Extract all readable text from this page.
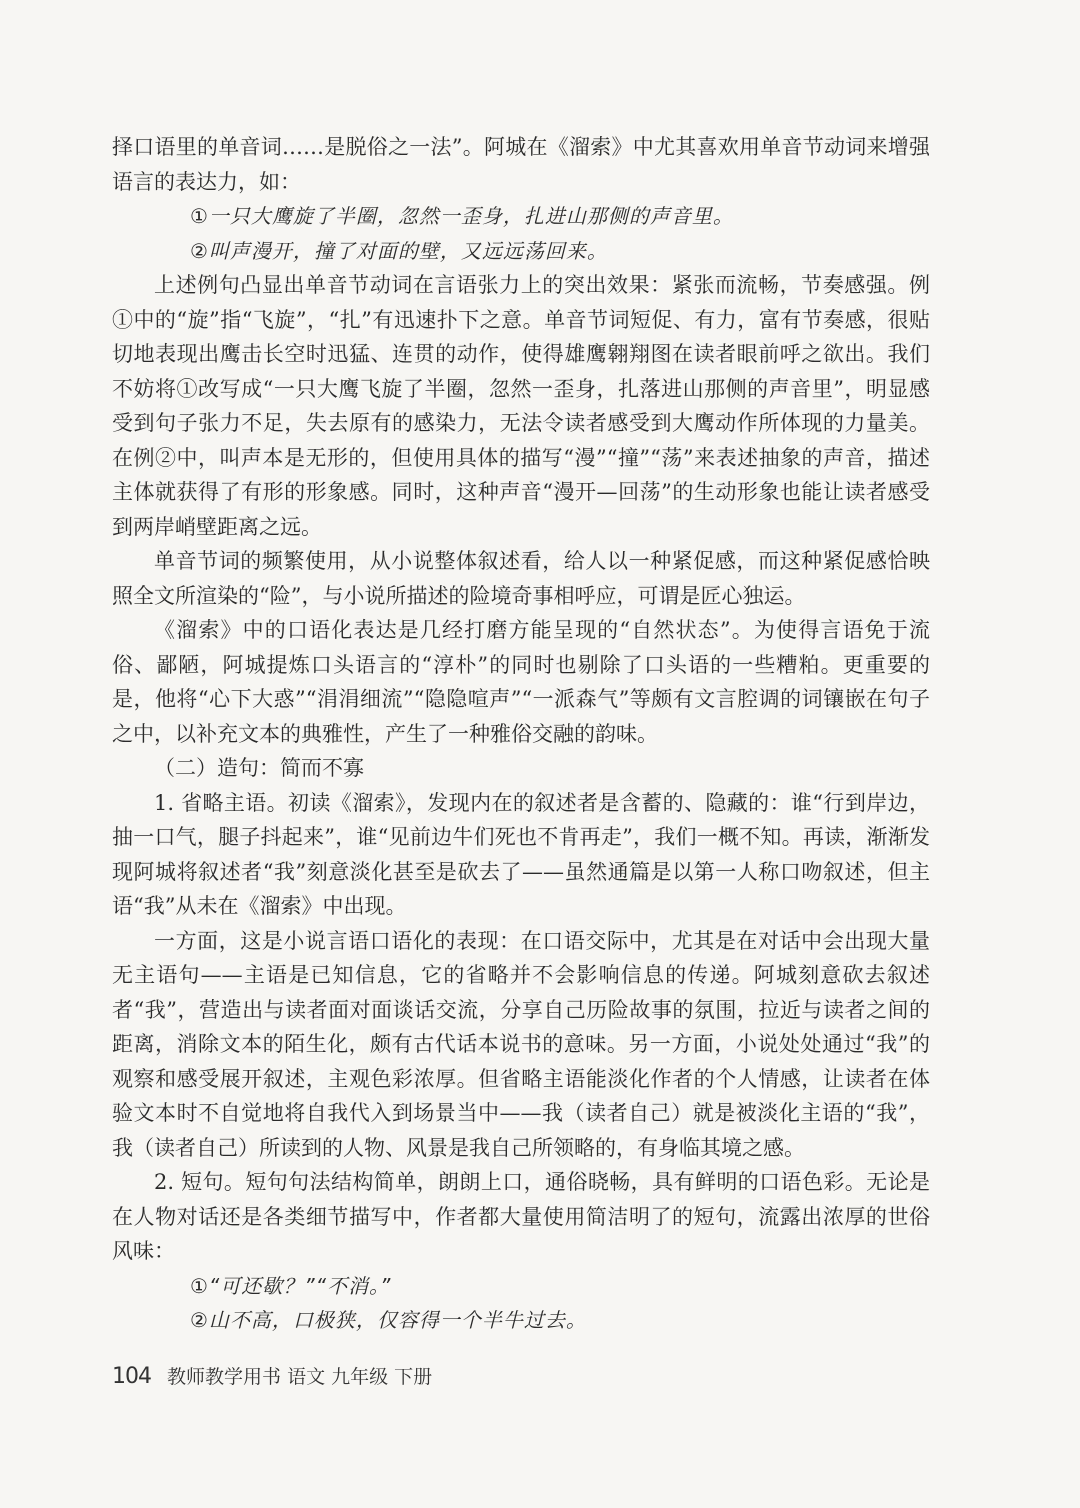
择口语里的单音词……是脱俗之一法”。阿城在《溜索》中尤其喜欢用单音节动词来增强语言的表达力，如：

①一只大鹰旋了半圈，忽然一歪身，扎进山那侧的声音里。

②叫声漫开，撞了对面的壁，又远远荡回来。

上述例句凸显出单音节动词在言语张力上的突出效果：紧张而流畅，节奏感强。例①中的“旋”指“飞旋”，“扎”有迅速扑下之意。单音节词短促、有力，富有节奏感，很贴切地表现出鹰击长空时迅猛、连贯的动作，使得雄鹰翱翔图在读者眼前呼之欲出。我们不妨将①改写成“一只大鹰飞旋了半圈，忽然一歪身，扎落进山那侧的声音里”，明显感受到句子张力不足，失去原有的感染力，无法令读者感受到大鹰动作所体现的力量美。在例②中，叫声本是无形的，但使用具体的描写“漫”“撞”“荡”来表述抽象的声音，描述主体就获得了有形的形象感。同时，这种声音“漫开—回荡”的生动形象也能让读者感受到两岸峭壁距离之远。

单音节词的频繁使用，从小说整体叙述看，给人以一种紧促感，而这种紧促感恰映照全文所渲染的“险”，与小说所描述的险境奇事相呼应，可谓是匠心独运。

《溜索》中的口语化表达是几经打磨方能呈现的“自然状态”。为使得言语免于流俗、鄙陋，阿城提炼口头语言的“淳朴”的同时也剔除了口头语的一些糟粕。更重要的是，他将“心下大惑”“涓涓细流”“隐隐喧声”“一派森气”等颇有文言腔调的词镶嵌在句子之中，以补充文本的典雅性，产生了一种雅俗交融的韵味。

（二）造句：简而不寡

1. 省略主语。初读《溜索》，发现内在的叙述者是含蓄的、隐藏的：谁“行到岸边，抽一口气，腿子抖起来”，谁“见前边牛们死也不肯再走”，我们一概不知。再读，渐渐发现阿城将叙述者“我”刻意淡化甚至是砍去了——虽然通篇是以第一人称口吻叙述，但主语“我”从未在《溜索》中出现。

一方面，这是小说言语口语化的表现：在口语交际中，尤其是在对话中会出现大量无主语句——主语是已知信息，它的省略并不会影响信息的传递。阿城刻意砍去叙述者“我”，营造出与读者面对面谈话交流，分享自己历险故事的氛围，拉近与读者之间的距离，消除文本的陌生化，颇有古代话本说书的意味。另一方面，小说处处通过“我”的观察和感受展开叙述，主观色彩浓厚。但省略主语能淡化作者的个人情感，让读者在体验文本时不自觉地将自我代入到场景当中——我（读者自己）就是被淡化主语的“我”，我（读者自己）所读到的人物、风景是我自己所领略的，有身临其境之感。

2. 短句。短句句法结构简单，朗朗上口，通俗晓畅，具有鲜明的口语色彩。无论是在人物对话还是各类细节描写中，作者都大量使用简洁明了的短句，流露出浓厚的世俗风味：

①“可还歇？”“不消。”

②山不高，口极狭，仅容得一个半牛过去。

104 教师教学用书 语文 九年级 下册
